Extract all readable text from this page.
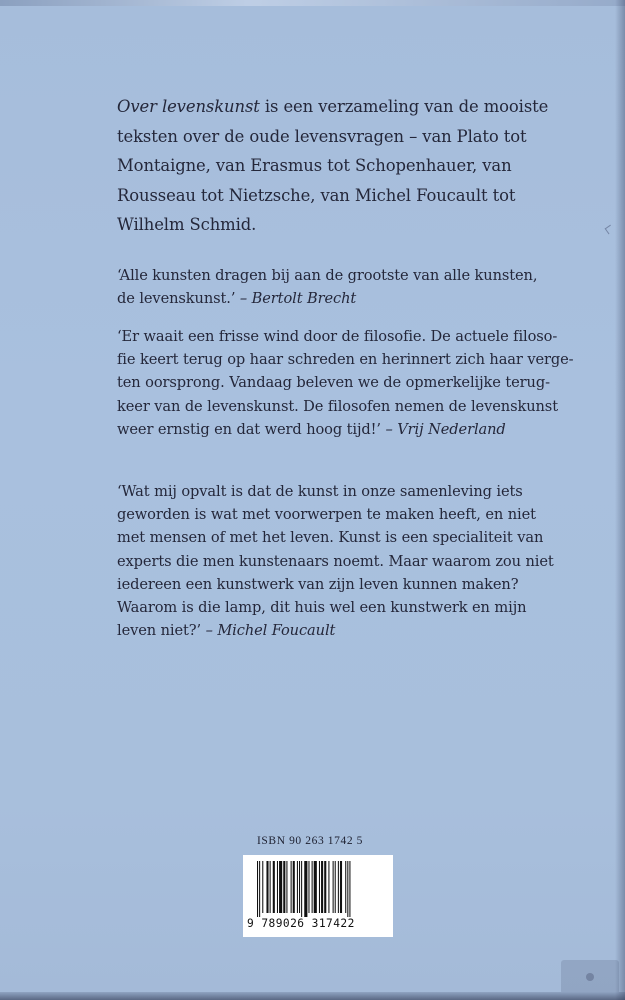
Over levenskunst is een verzameling van de mooiste
teksten over de oude levensvragen – van Plato tot
Montaigne, van Erasmus tot Schopenhauer, van
Rousseau tot Nietzsche, van Michel Foucault tot
Wilhelm Schmid.
‘Alle kunsten dragen bij aan de grootste van alle kunsten,
de levenskunst.’ – Bertolt Brecht
‘Er waait een frisse wind door de filosofie. De actuele filoso-
fie keert terug op haar schreden en herinnert zich haar verge-
ten oorsprong. Vandaag beleven we de opmerkelijke terug-
keer van de levenskunst. De filosofen nemen de levenskunst
weer ernstig en dat werd hoog tijd!’ – Vrij Nederland
‘Wat mij opvalt is dat de kunst in onze samenleving iets
geworden is wat met voorwerpen te maken heeft, en niet
met mensen of met het leven. Kunst is een specialiteit van
experts die men kunstenaars noemt. Maar waarom zou niet
iedereen een kunstwerk van zijn leven kunnen maken?
Waarom is die lamp, dit huis wel een kunstwerk en mijn
leven niet?’ – Michel Foucault
ISBN 90 263 1742 5
9 789026 317422
